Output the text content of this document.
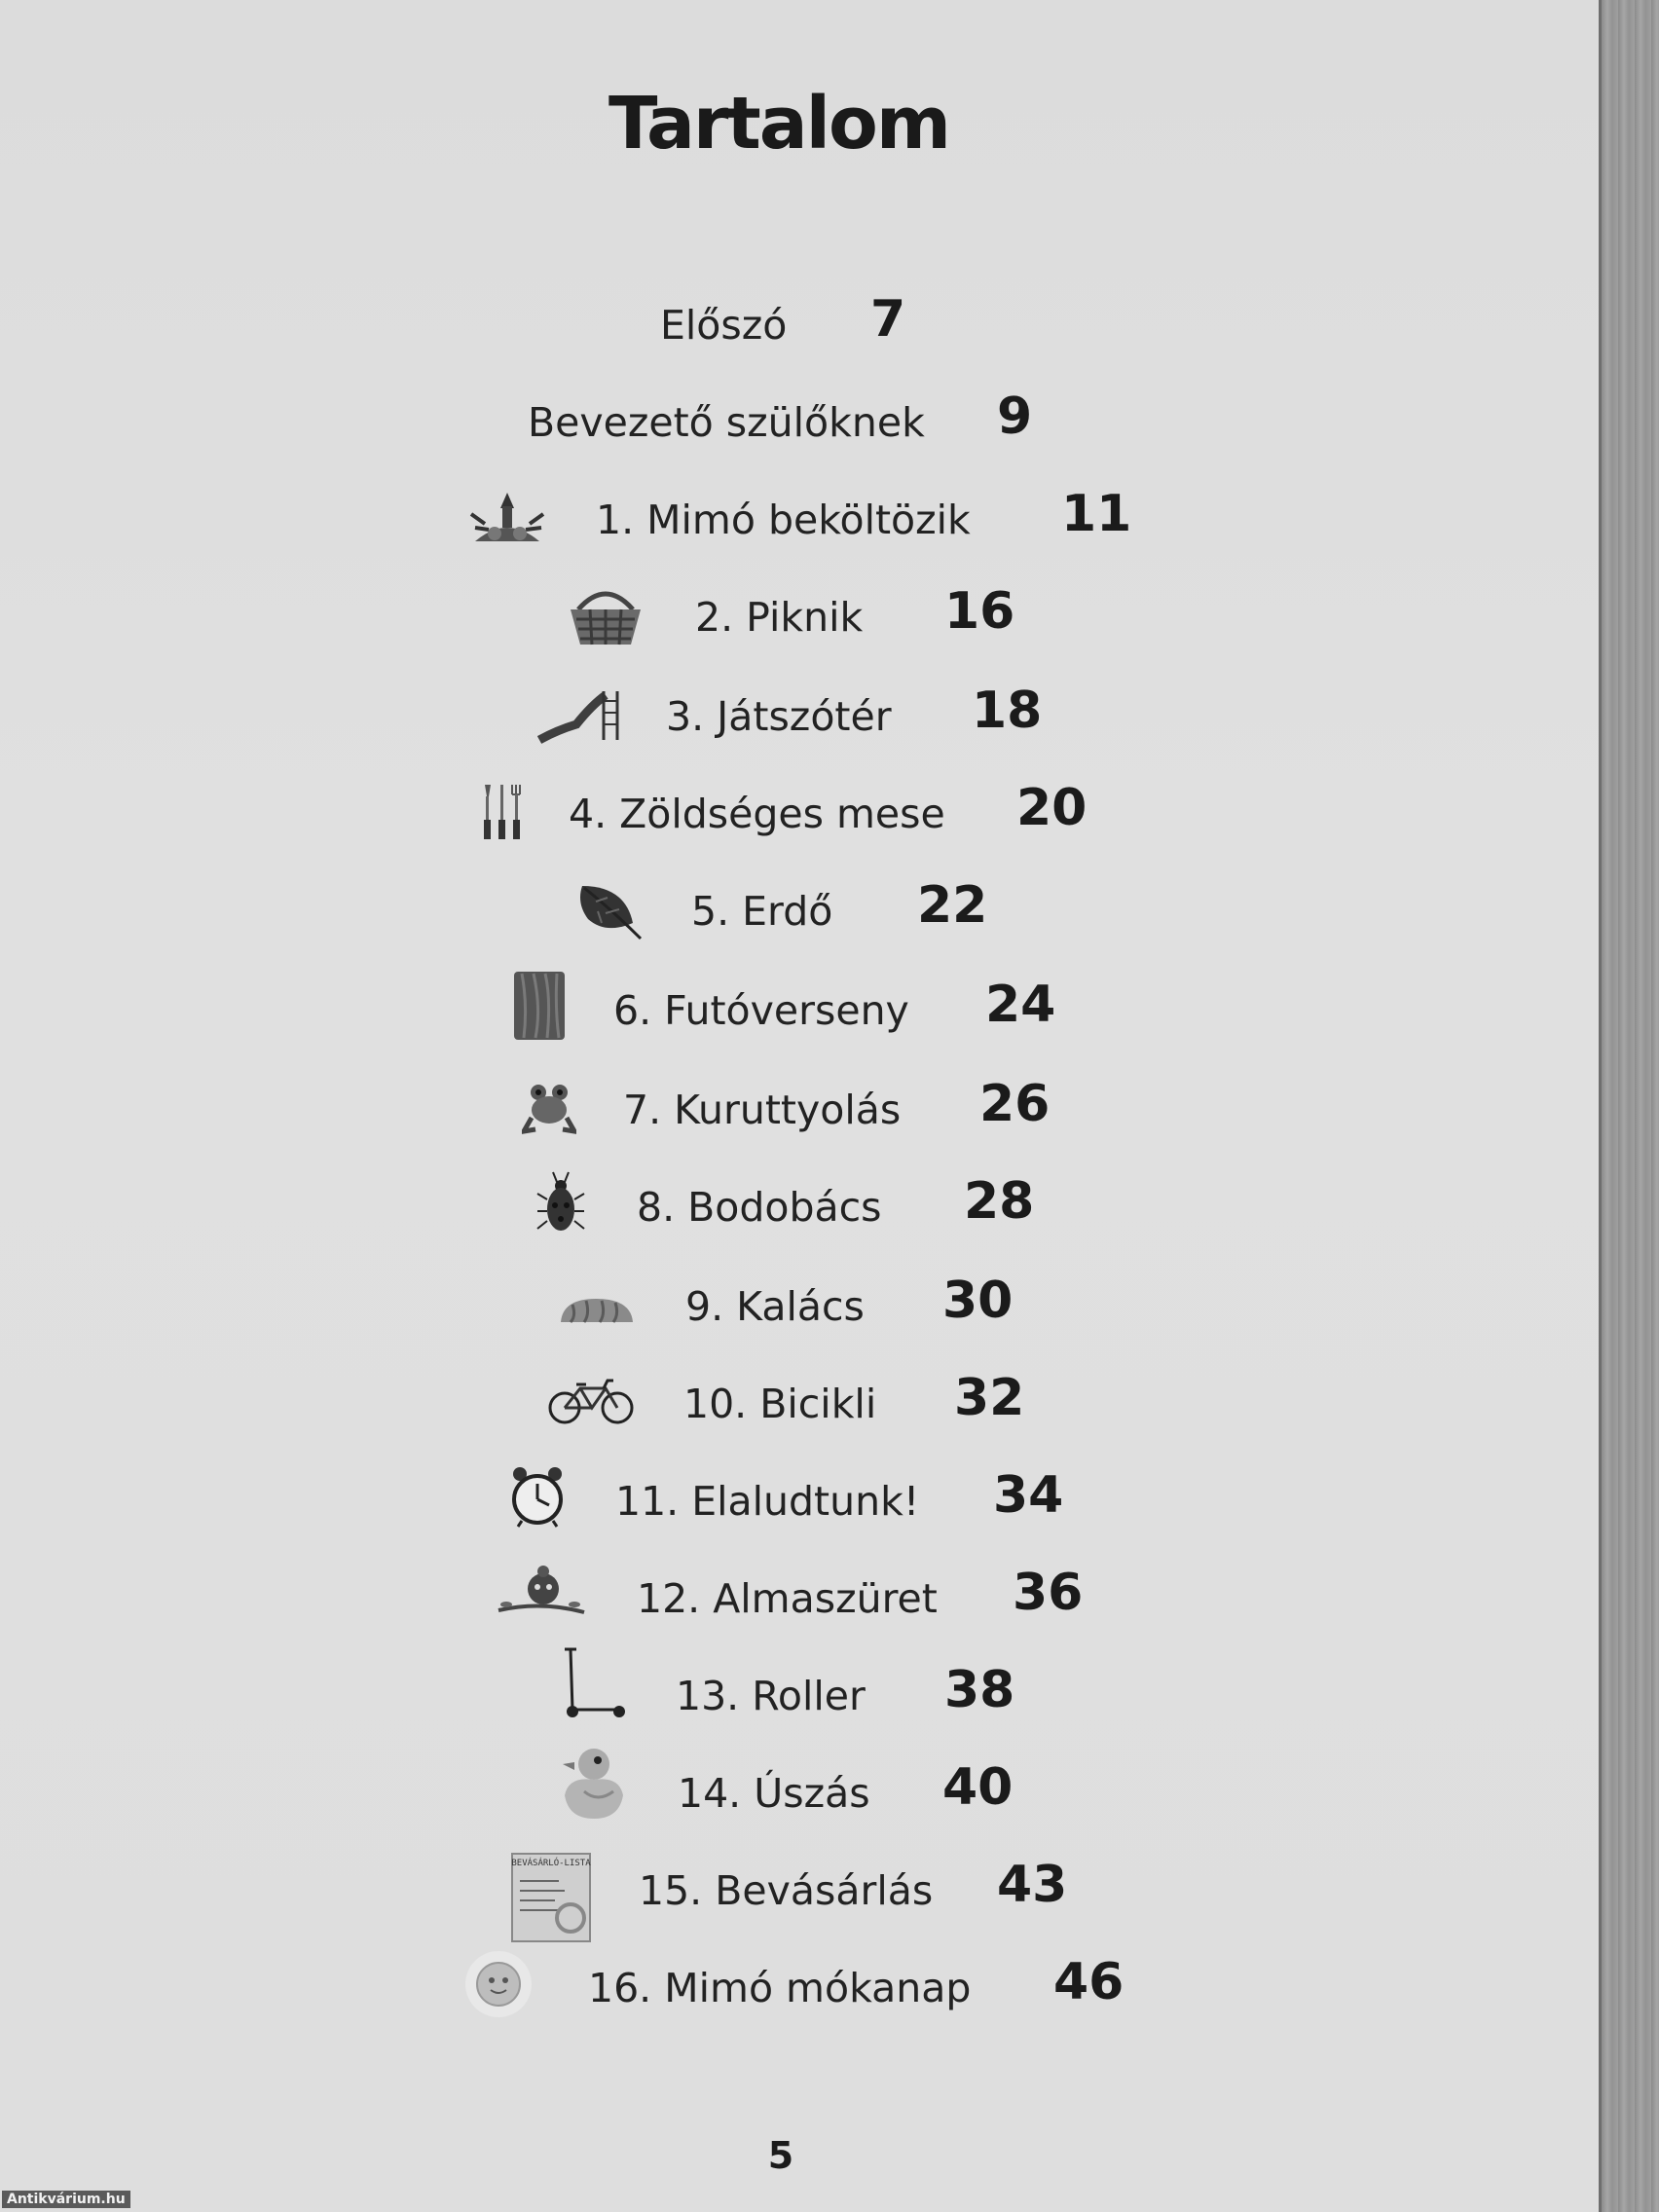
Tartalom
Előszó 7
Bevezető szülőknek 9
1. Mimó beköltözik 11
2. Piknik 16
3. Játszótér 18
4. Zöldséges mese 20
5. Erdő 22
6. Futóverseny 24
7. Kuruttyolás 26
8. Bodobács 28
9. Kalács 30
10. Bicikli 32
11. Elaludtunk! 34
12. Almaszüret 36
13. Roller 38
14. Úszás 40
BEVÁSÁRLÓ-LISTA
15. Bevásárlás 43
16. Mimó mókanap 46
5
Antikvárium.hu
